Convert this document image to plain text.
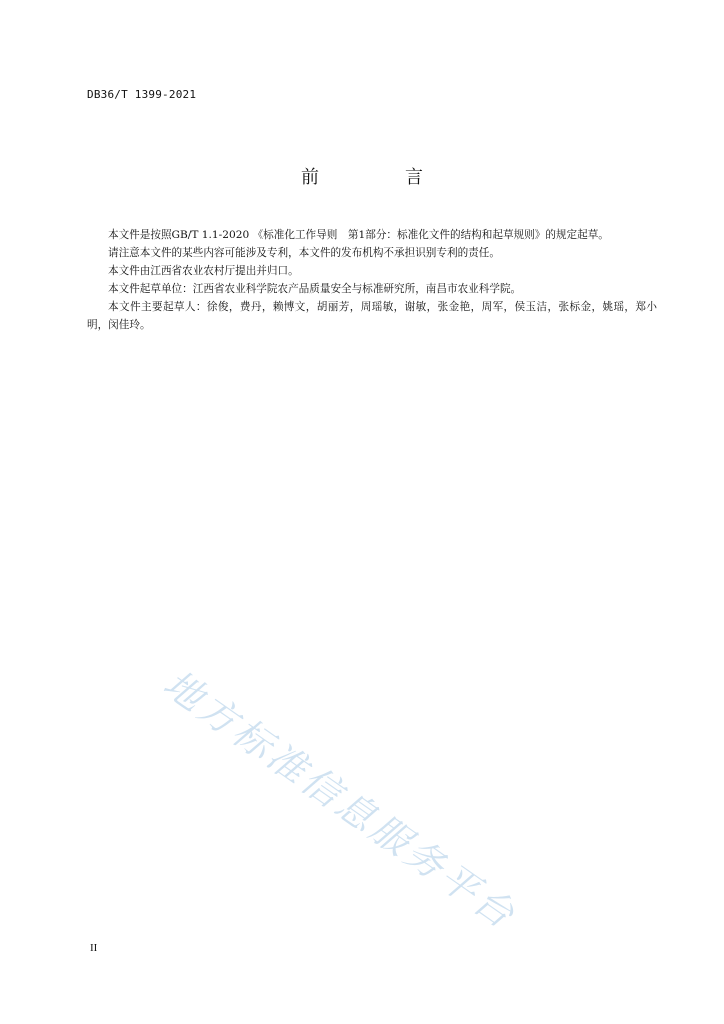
DB36/T 1399-2021
前　言

本文件是按照GB/T 1.1-2020 《标准化工作导则　第1部分：标准化文件的结构和起草规则》的规定起草。

请注意本文件的某些内容可能涉及专利，本文件的发布机构不承担识别专利的责任。

本文件由江西省农业农村厅提出并归口。

本文件起草单位：江西省农业科学院农产品质量安全与标准研究所，南昌市农业科学院。

本文件主要起草人：徐俊，费丹，赖博文，胡丽芳，周瑶敏，谢敏，张金艳，周军，侯玉洁，张标金，姚瑶，郑小明，闵佳玲。

地方标准信息服务平台
II
